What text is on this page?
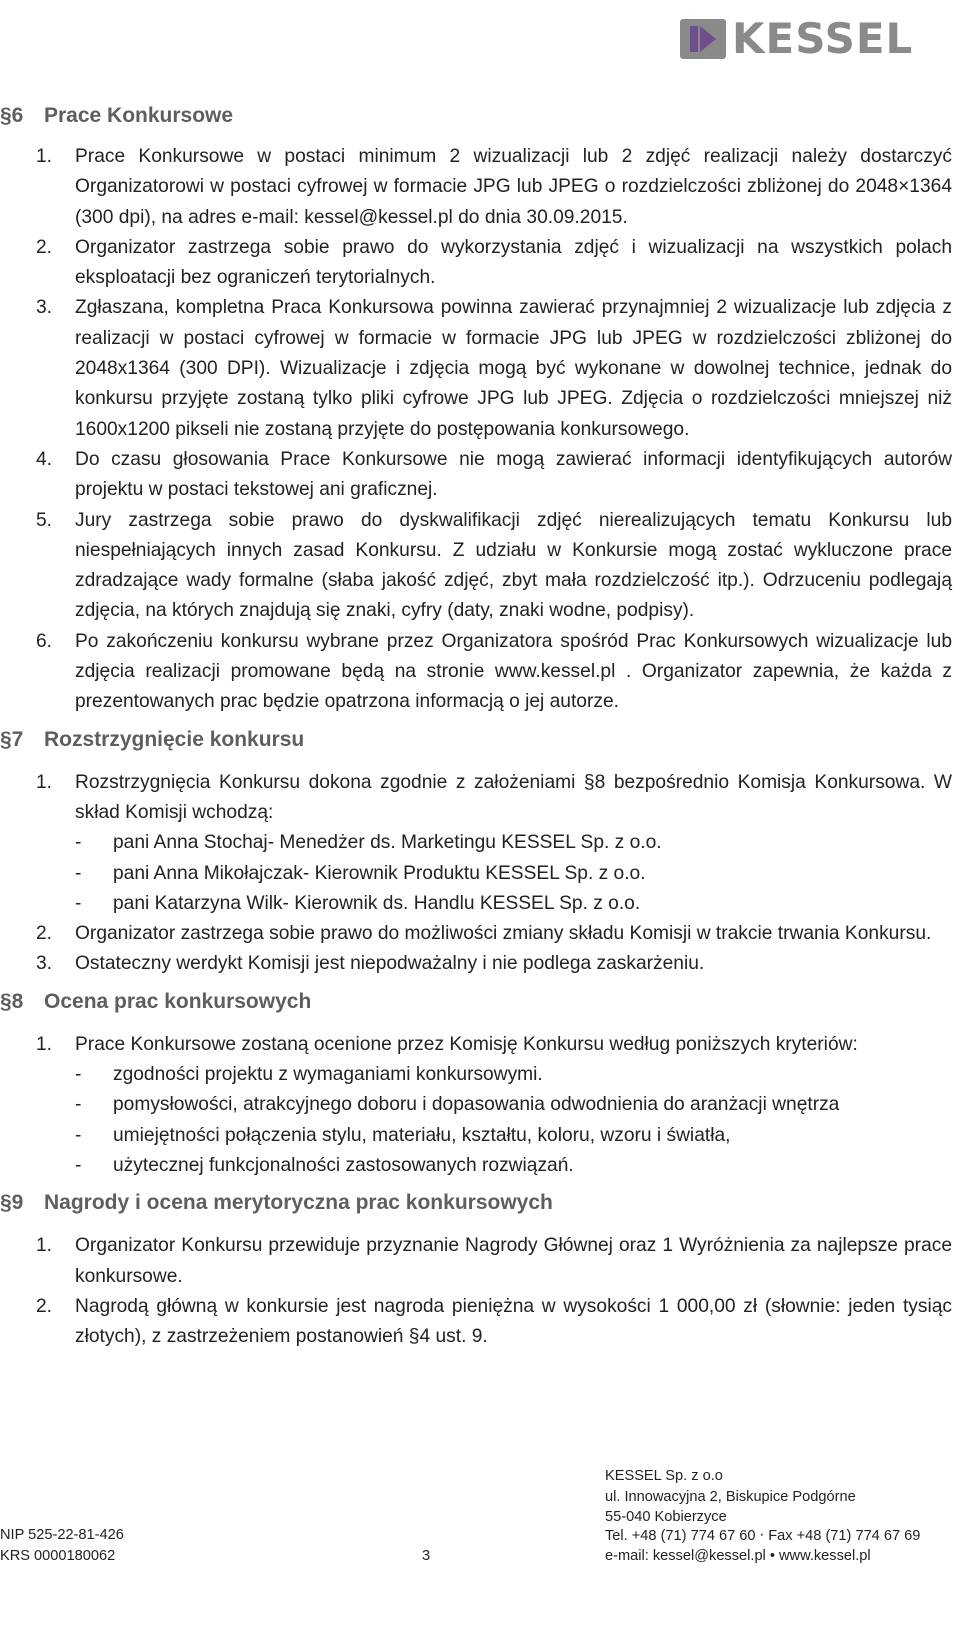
KESSEL
§6 Prace Konkursowe
1. Prace Konkursowe w postaci minimum 2 wizualizacji lub 2 zdjęć realizacji należy dostarczyć Organizatorowi w postaci cyfrowej w formacie JPG lub JPEG o rozdzielczości zbliżonej do 2048×1364 (300 dpi), na adres e-mail: kessel@kessel.pl do dnia 30.09.2015.
2. Organizator zastrzega sobie prawo do wykorzystania zdjęć i wizualizacji na wszystkich polach eksploatacji bez ograniczeń terytorialnych.
3. Zgłaszana, kompletna Praca Konkursowa powinna zawierać przynajmniej 2 wizualizacje lub zdjęcia z realizacji w postaci cyfrowej w formacie w formacie JPG lub JPEG w rozdzielczości zbliżonej do 2048x1364 (300 DPI). Wizualizacje i zdjęcia mogą być wykonane w dowolnej technice, jednak do konkursu przyjęte zostaną tylko pliki cyfrowe JPG lub JPEG. Zdjęcia o rozdzielczości mniejszej niż 1600x1200 pikseli nie zostaną przyjęte do postępowania konkursowego.
4. Do czasu głosowania Prace Konkursowe nie mogą zawierać informacji identyfikujących autorów projektu w postaci tekstowej ani graficznej.
5. Jury zastrzega sobie prawo do dyskwalifikacji zdjęć nierealizujących tematu Konkursu lub niespełniających innych zasad Konkursu. Z udziału w Konkursie mogą zostać wykluczone prace zdradzające wady formalne (słaba jakość zdjęć, zbyt mała rozdzielczość itp.). Odrzuceniu podlegają zdjęcia, na których znajdują się znaki, cyfry (daty, znaki wodne, podpisy).
6. Po zakończeniu konkursu wybrane przez Organizatora spośród Prac Konkursowych wizualizacje lub zdjęcia realizacji promowane będą na stronie www.kessel.pl . Organizator zapewnia, że każda z prezentowanych prac będzie opatrzona informacją o jej autorze.
§7 Rozstrzygnięcie konkursu
1. Rozstrzygnięcia Konkursu dokona zgodnie z założeniami §8 bezpośrednio Komisja Konkursowa. W skład Komisji wchodzą:
- pani Anna Stochaj- Menedżer ds. Marketingu KESSEL Sp. z o.o.
- pani Anna Mikołajczak- Kierownik Produktu KESSEL Sp. z o.o.
- pani Katarzyna Wilk- Kierownik ds. Handlu KESSEL Sp. z o.o.
2. Organizator zastrzega sobie prawo do możliwości zmiany składu Komisji w trakcie trwania Konkursu.
3. Ostateczny werdykt Komisji jest niepodważalny i nie podlega zaskarżeniu.
§8 Ocena prac konkursowych
1. Prace Konkursowe zostaną ocenione przez Komisję Konkursu według poniższych kryteriów:
- zgodności projektu z wymaganiami konkursowymi.
- pomysłowości, atrakcyjnego doboru i dopasowania odwodnienia do aranżacji wnętrza
- umiejętności połączenia stylu, materiału, kształtu, koloru, wzoru i światła,
- użytecznej funkcjonalności zastosowanych rozwiązań.
§9 Nagrody i ocena merytoryczna prac konkursowych
1. Organizator Konkursu przewiduje przyznanie Nagrody Głównej oraz 1 Wyróżnienia za najlepsze prace konkursowe.
2. Nagrodą główną w konkursie jest nagroda pieniężna w wysokości 1 000,00 zł (słownie: jeden tysiąc złotych), z zastrzeżeniem postanowień §4 ust. 9.
NIP 525-22-81-426
KRS 0000180062	3
KESSEL Sp. z o.o
ul. Innowacyjna 2, Biskupice Podgórne
55-040 Kobierzyce
Tel. +48 (71) 774 67 60 ‧ Fax +48 (71) 774 67 69
e-mail: kessel@kessel.pl • www.kessel.pl
